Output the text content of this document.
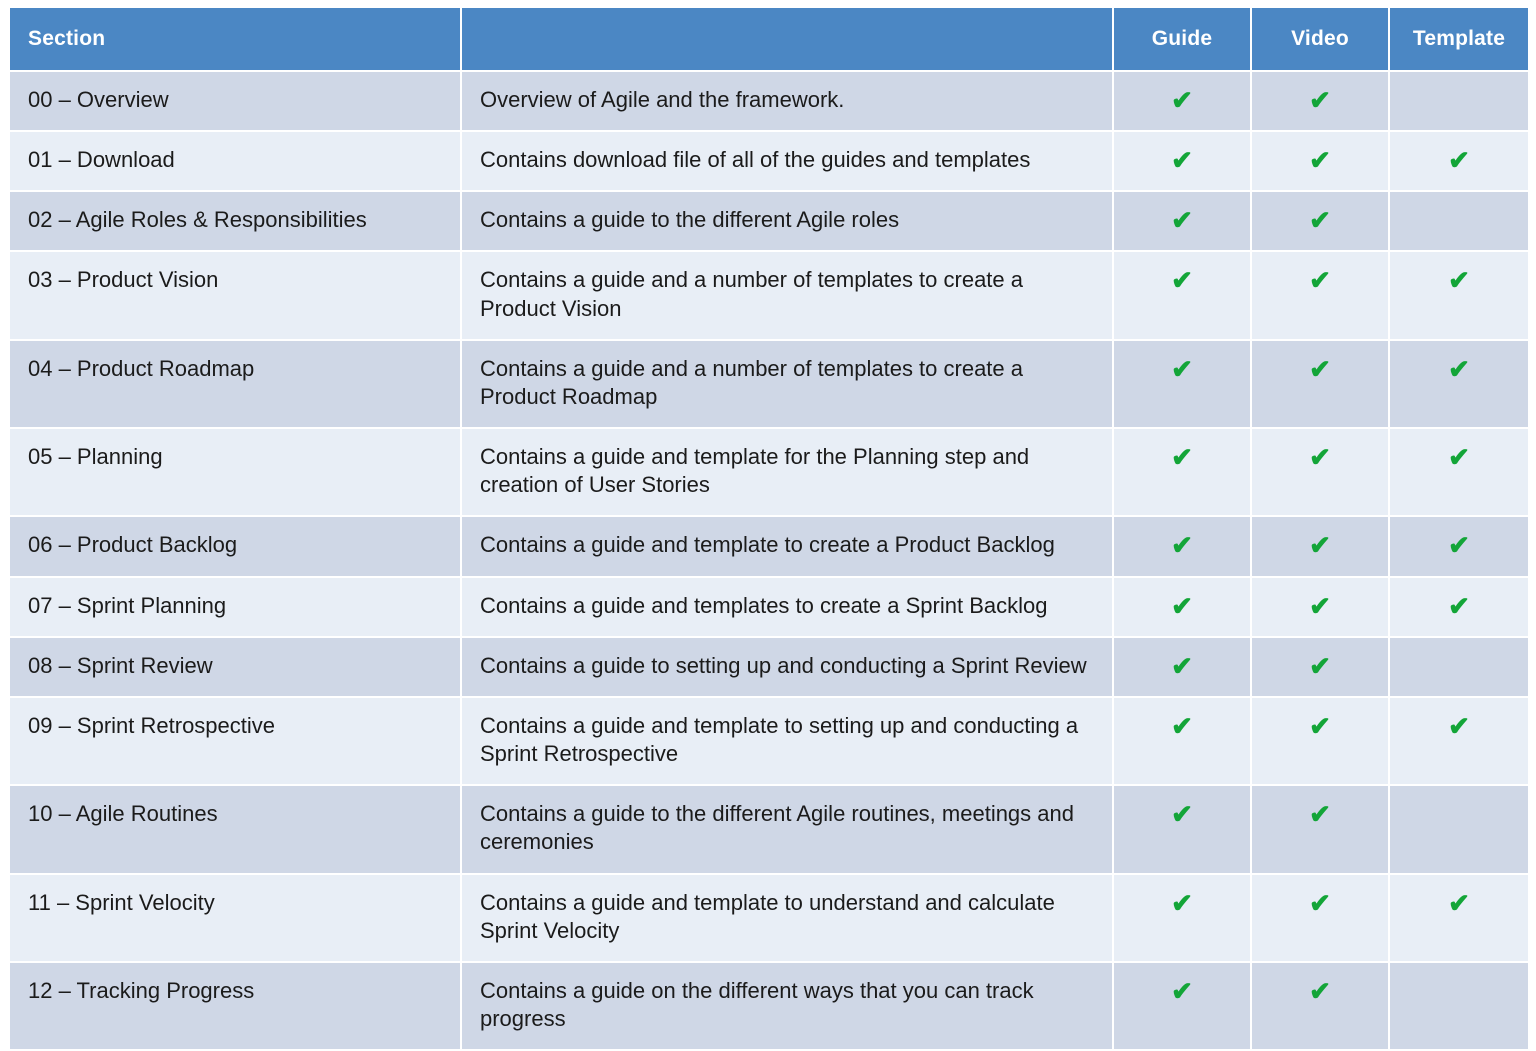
Section		Guide	Video	Template
00 – Overview	Overview of Agile and the framework.	✔	✔	
01 – Download	Contains download file of all of the guides and templates	✔	✔	✔
02 – Agile Roles & Responsibilities	Contains a guide to the different Agile roles	✔	✔	
03 – Product Vision	Contains a guide and a number of templates to create a Product Vision	✔	✔	✔
04 – Product Roadmap	Contains a guide and a number of templates to create a Product Roadmap	✔	✔	✔
05 – Planning	Contains a guide and template for the Planning step and creation of User Stories	✔	✔	✔
06 – Product Backlog	Contains a guide and template to create a Product Backlog	✔	✔	✔
07 – Sprint Planning	Contains a guide and templates to create a Sprint Backlog	✔	✔	✔
08 – Sprint Review	Contains a guide to setting up and conducting a Sprint Review	✔	✔	
09 – Sprint Retrospective	Contains a guide and template to setting up and conducting a Sprint Retrospective	✔	✔	✔
10 – Agile Routines	Contains a guide to the different Agile routines, meetings and ceremonies	✔	✔	
11 – Sprint Velocity	Contains a guide and template to understand and calculate Sprint Velocity	✔	✔	✔
12 – Tracking Progress	Contains a guide on the different ways that you can track progress	✔	✔	
